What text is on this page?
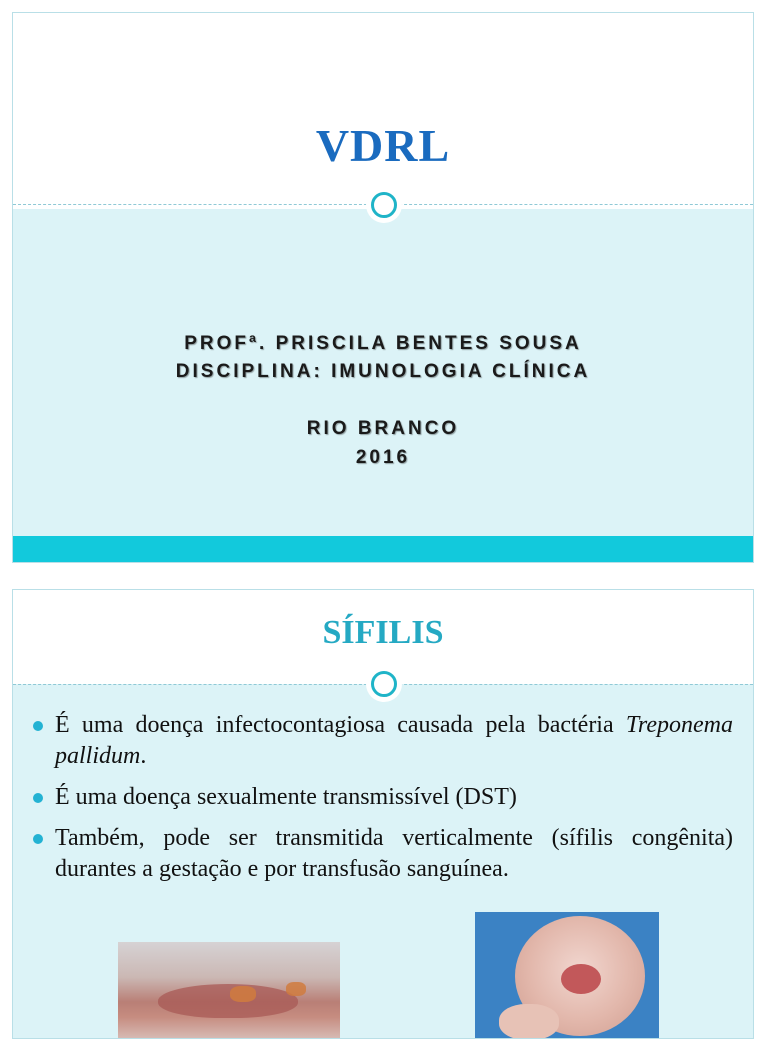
VDRL
PROFª. PRISCILA BENTES SOUSA
DISCIPLINA: IMUNOLOGIA CLÍNICA
RIO BRANCO
2016
SÍFILIS
É uma doença infectocontagiosa causada pela bactéria Treponema pallidum.
É uma doença sexualmente transmissível (DST)
Também, pode ser transmitida verticalmente (sífilis congênita) durantes a gestação e por transfusão sanguínea.
